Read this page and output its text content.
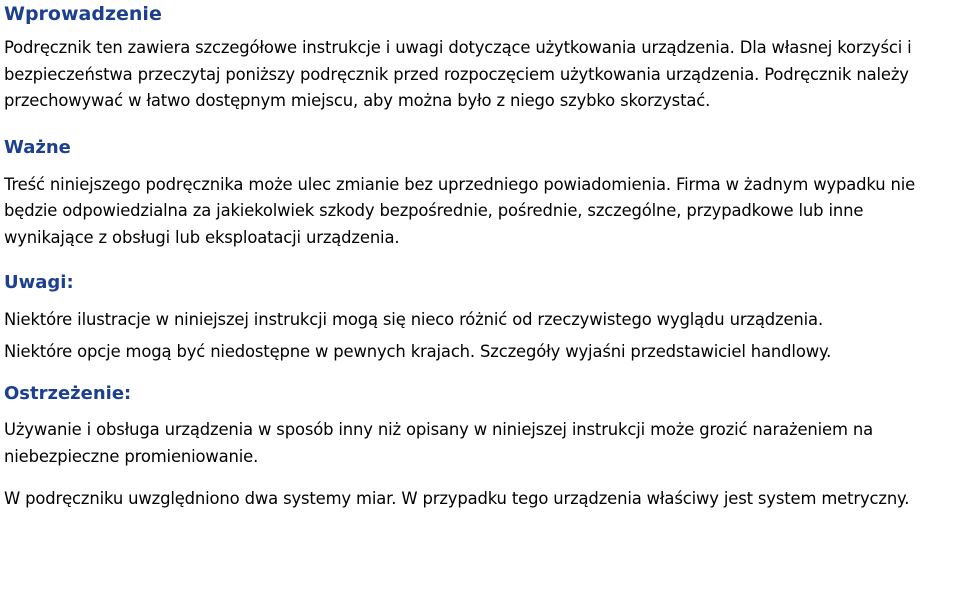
Wprowadzenie

Podręcznik ten zawiera szczegółowe instrukcje i uwagi dotyczące użytkowania urządzenia. Dla własnej korzyści i bezpieczeństwa przeczytaj poniższy podręcznik przed rozpoczęciem użytkowania urządzenia. Podręcznik należy przechowywać w łatwo dostępnym miejscu, aby można było z niego szybko skorzystać.

Ważne

Treść niniejszego podręcznika może ulec zmianie bez uprzedniego powiadomienia. Firma w żadnym wypadku nie będzie odpowiedzialna za jakiekolwiek szkody bezpośrednie, pośrednie, szczególne, przypadkowe lub inne wynikające z obsługi lub eksploatacji urządzenia.

Uwagi:

Niektóre ilustracje w niniejszej instrukcji mogą się nieco różnić od rzeczywistego wyglądu urządzenia.

Niektóre opcje mogą być niedostępne w pewnych krajach. Szczegóły wyjaśni przedstawiciel handlowy.

Ostrzeżenie:

Używanie i obsługa urządzenia w sposób inny niż opisany w niniejszej instrukcji może grozić narażeniem na niebezpieczne promieniowanie.

W podręczniku uwzględniono dwa systemy miar. W przypadku tego urządzenia właściwy jest system metryczny.
